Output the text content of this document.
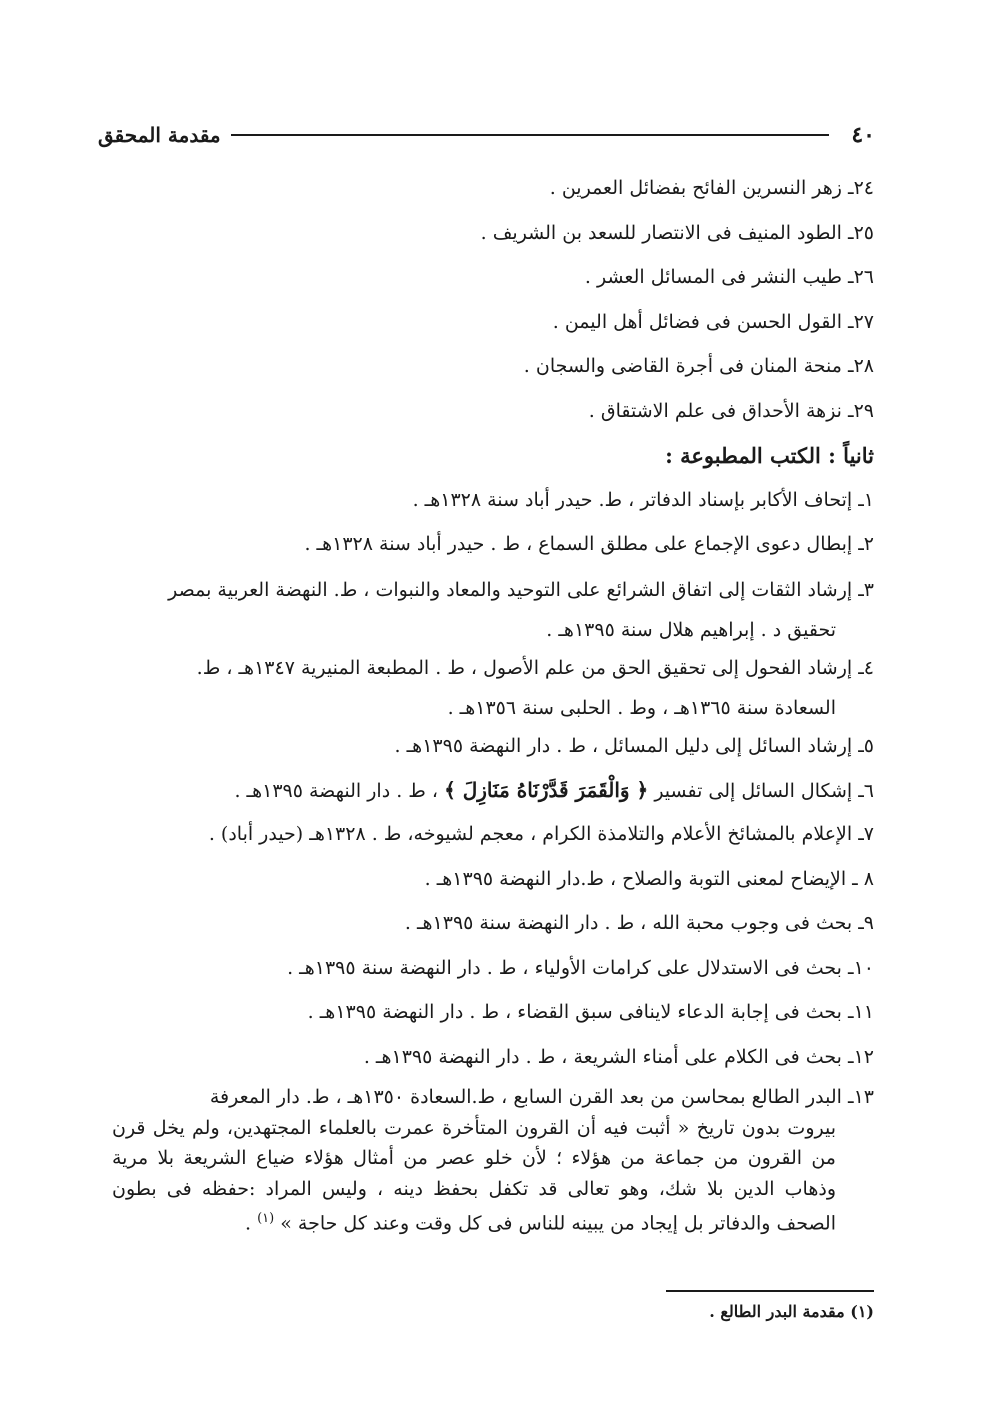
٤٠
مقدمة المحقق
٢٤ـ زهر النسرين الفائح بفضائل العمرين .
٢٥ـ الطود المنيف فى الانتصار للسعد بن الشريف .
٢٦ـ طيب النشر فى المسائل العشر .
٢٧ـ القول الحسن فى فضائل أهل اليمن .
٢٨ـ منحة المنان فى أجرة القاضى والسجان .
٢٩ـ نزهة الأحداق فى علم الاشتقاق .
ثانياً : الكتب المطبوعة :
١ـ إتحاف الأكابر بإسناد الدفاتر ، ط. حيدر أباد سنة ١٣٢٨هـ .
٢ـ إبطال دعوى الإجماع على مطلق السماع ، ط . حيدر أباد سنة ١٣٢٨هـ .
٣ـ إرشاد الثقات إلى اتفاق الشرائع على التوحيد والمعاد والنبوات ، ط. النهضة العربية بمصر
تحقيق د . إبراهيم هلال سنة ١٣٩٥هـ .
٤ـ إرشاد الفحول إلى تحقيق الحق من علم الأصول ، ط . المطبعة المنيرية ١٣٤٧هـ ، ط.
السعادة سنة ١٣٦٥هـ ، وط . الحلبى سنة ١٣٥٦هـ .
٥ـ إرشاد السائل إلى دليل المسائل ، ط . دار النهضة ١٣٩٥هـ .
٦ـ إشكال السائل إلى تفسير ﴿ وَالْقَمَرَ قَدَّرْنَاهُ مَنَازِلَ ﴾ ، ط . دار النهضة ١٣٩٥هـ .
٧ـ الإعلام بالمشائخ الأعلام والتلامذة الكرام ، معجم لشيوخه، ط . ١٣٢٨هـ (حيدر أباد) .
٨ ـ الإيضاح لمعنى التوبة والصلاح ، ط.دار النهضة ١٣٩٥هـ .
٩ـ بحث فى وجوب محبة الله ، ط . دار النهضة سنة ١٣٩٥هـ .
١٠ـ بحث فى الاستدلال على كرامات الأولياء ، ط . دار النهضة سنة ١٣٩٥هـ .
١١ـ بحث فى إجابة الدعاء لاينافى سبق القضاء ، ط . دار النهضة ١٣٩٥هـ .
١٢ـ بحث فى الكلام على أمناء الشريعة ، ط . دار النهضة ١٣٩٥هـ .
١٣ـ البدر الطالع بمحاسن من بعد القرن السابع ، ط.السعادة ١٣٥٠هـ ، ط. دار المعرفة
بيروت بدون تاريخ « أثبت فيه أن القرون المتأخرة عمرت بالعلماء المجتهدين، ولم يخل قرن من القرون من جماعة من هؤلاء ؛ لأن خلو عصر من أمثال هؤلاء ضياع الشريعة بلا مرية وذهاب الدين بلا شك، وهو تعالى قد تكفل بحفظ دينه ، وليس المراد :حفظه فى بطون الصحف والدفاتر بل إيجاد من يبينه للناس فى كل وقت وعند كل حاجة » $^{(١)}$ .
(١) مقدمة البدر الطالع .
